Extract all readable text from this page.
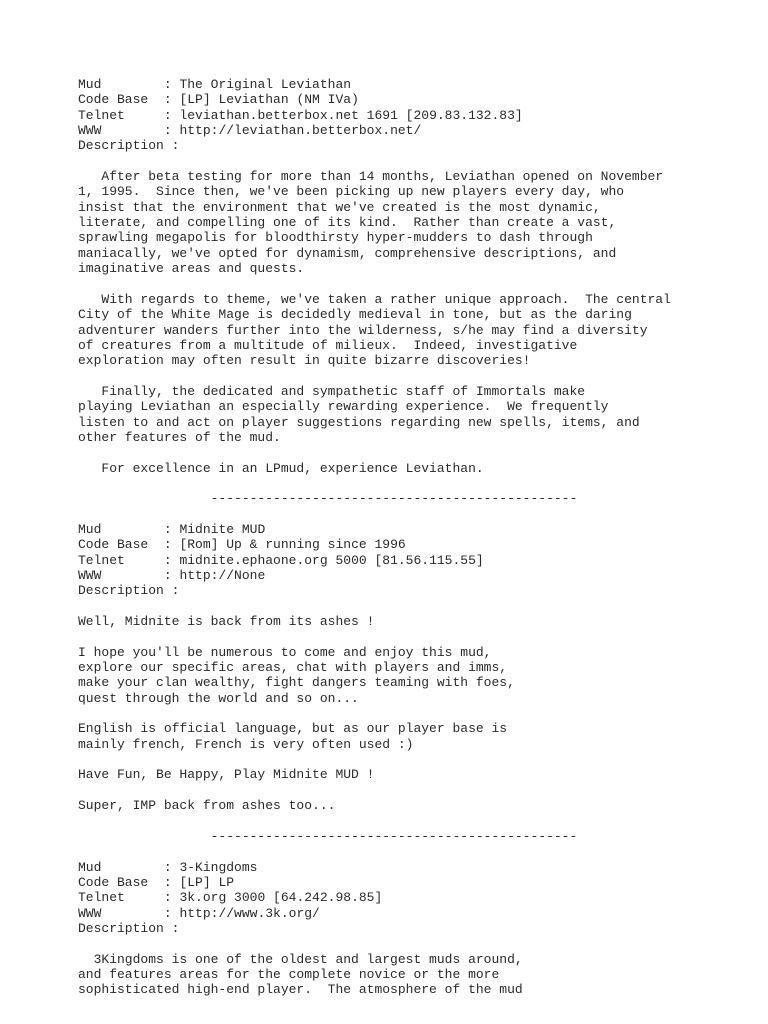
Mud        : The Original Leviathan
Code Base  : [LP] Leviathan (NM IVa)
Telnet     : leviathan.betterbox.net 1691 [209.83.132.83]
WWW        : http://leviathan.betterbox.net/
Description :
After beta testing for more than 14 months, Leviathan opened on November
1, 1995.  Since then, we've been picking up new players every day, who
insist that the environment that we've created is the most dynamic,
literate, and compelling one of its kind.  Rather than create a vast,
sprawling megapolis for bloodthirsty hyper-mudders to dash through
maniacally, we've opted for dynamism, comprehensive descriptions, and
imaginative areas and quests.
With regards to theme, we've taken a rather unique approach.  The central
City of the White Mage is decidedly medieval in tone, but as the daring
adventurer wanders further into the wilderness, s/he may find a diversity
of creatures from a multitude of milieux.  Indeed, investigative
exploration may often result in quite bizarre discoveries!
Finally, the dedicated and sympathetic staff of Immortals make
playing Leviathan an especially rewarding experience.  We frequently
listen to and act on player suggestions regarding new spells, items, and
other features of the mud.
For excellence in an LPmud, experience Leviathan.
-----------------------------------------------
Mud        : Midnite MUD
Code Base  : [Rom] Up & running since 1996
Telnet     : midnite.ephaone.org 5000 [81.56.115.55]
WWW        : http://None
Description :
Well, Midnite is back from its ashes !
I hope you'll be numerous to come and enjoy this mud,
explore our specific areas, chat with players and imms,
make your clan wealthy, fight dangers teaming with foes,
quest through the world and so on...
English is official language, but as our player base is
mainly french, French is very often used :)
Have Fun, Be Happy, Play Midnite MUD !
Super, IMP back from ashes too...
-----------------------------------------------
Mud        : 3-Kingdoms
Code Base  : [LP] LP
Telnet     : 3k.org 3000 [64.242.98.85]
WWW        : http://www.3k.org/
Description :
3Kingdoms is one of the oldest and largest muds around,
and features areas for the complete novice or the more
sophisticated high-end player.  The atmosphere of the mud
